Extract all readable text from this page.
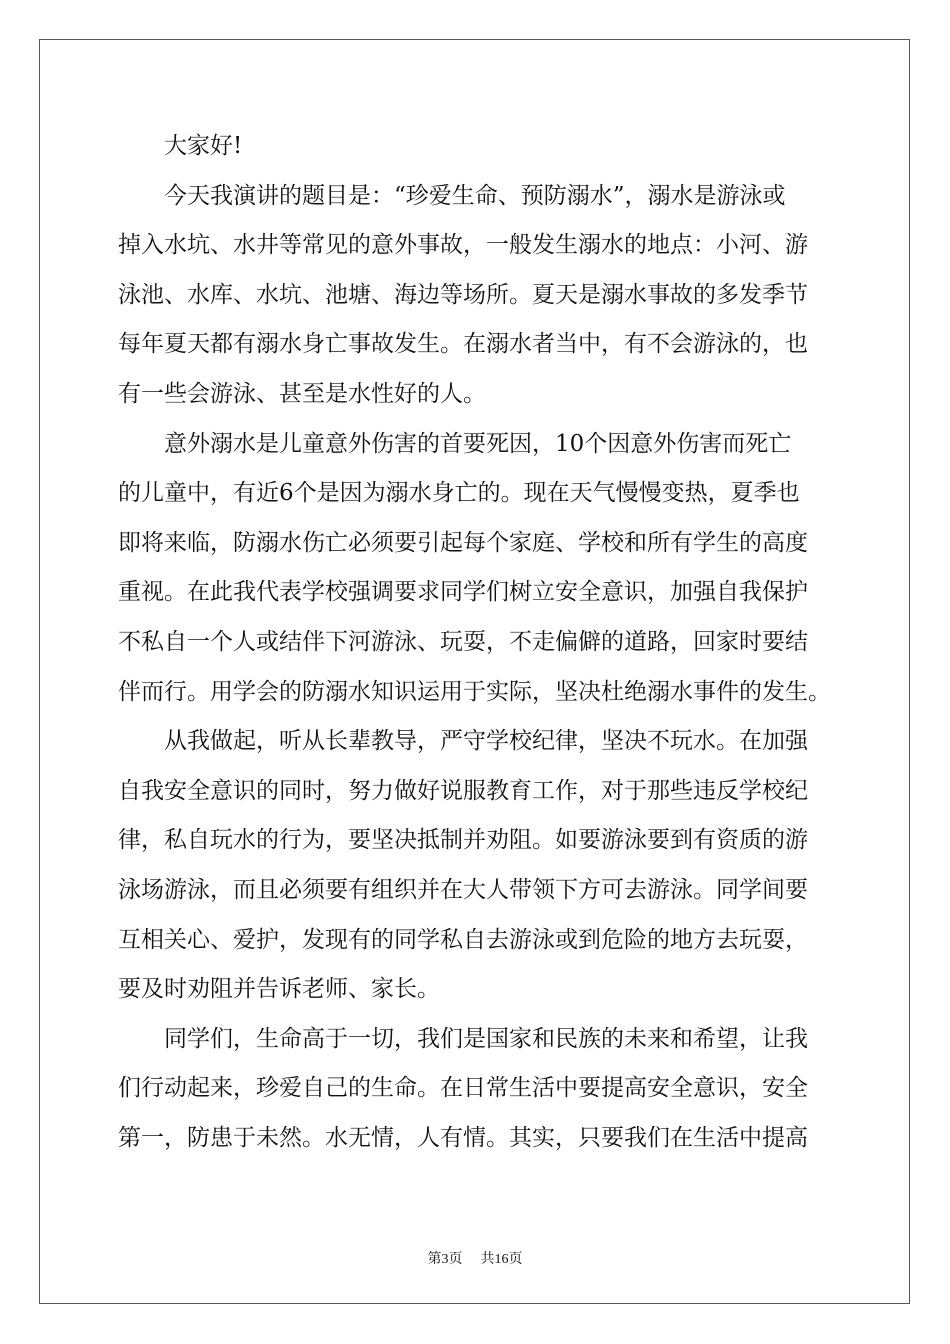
大家好!
今天我演讲的题目是：“珍爱生命、预防溺水”，溺水是游泳或
掉入水坑、水井等常见的意外事故，一般发生溺水的地点：小河、游
泳池、水库、水坑、池塘、海边等场所。夏天是溺水事故的多发季节
每年夏天都有溺水身亡事故发生。在溺水者当中，有不会游泳的，也
有一些会游泳、甚至是水性好的人。
意外溺水是儿童意外伤害的首要死因，10个因意外伤害而死亡
的儿童中，有近6个是因为溺水身亡的。现在天气慢慢变热，夏季也
即将来临，防溺水伤亡必须要引起每个家庭、学校和所有学生的高度
重视。在此我代表学校强调要求同学们树立安全意识，加强自我保护
不私自一个人或结伴下河游泳、玩耍，不走偏僻的道路，回家时要结
伴而行。用学会的防溺水知识运用于实际，坚决杜绝溺水事件的发生。
从我做起，听从长辈教导，严守学校纪律，坚决不玩水。在加强
自我安全意识的同时，努力做好说服教育工作，对于那些违反学校纪
律，私自玩水的行为，要坚决抵制并劝阻。如要游泳要到有资质的游
泳场游泳，而且必须要有组织并在大人带领下方可去游泳。同学间要
互相关心、爱护，发现有的同学私自去游泳或到危险的地方去玩耍，
要及时劝阻并告诉老师、家长。
同学们，生命高于一切，我们是国家和民族的未来和希望，让我
们行动起来，珍爱自己的生命。在日常生活中要提高安全意识，安全
第一，防患于未然。水无情，人有情。其实，只要我们在生活中提高
第3页 共16页
